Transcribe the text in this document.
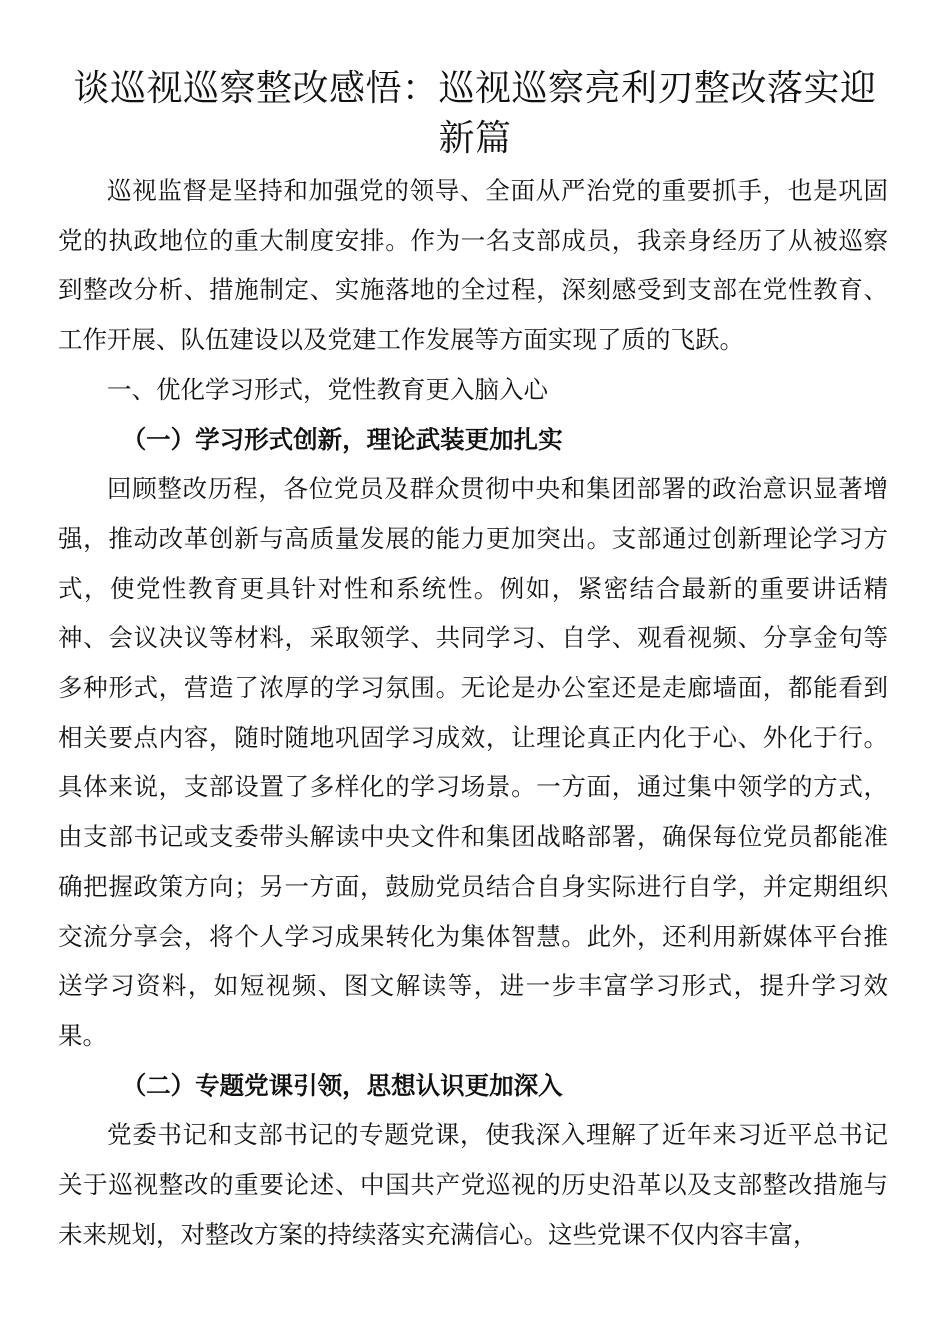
谈巡视巡察整改感悟：巡视巡察亮利刃整改落实迎新篇

巡视监督是坚持和加强党的领导、全面从严治党的重要抓手，也是巩固党的执政地位的重大制度安排。作为一名支部成员，我亲身经历了从被巡察到整改分析、措施制定、实施落地的全过程，深刻感受到支部在党性教育、工作开展、队伍建设以及党建工作发展等方面实现了质的飞跃。

一、优化学习形式，党性教育更入脑入心

（一）学习形式创新，理论武装更加扎实

回顾整改历程，各位党员及群众贯彻中央和集团部署的政治意识显著增强，推动改革创新与高质量发展的能力更加突出。支部通过创新理论学习方式，使党性教育更具针对性和系统性。例如，紧密结合最新的重要讲话精神、会议决议等材料，采取领学、共同学习、自学、观看视频、分享金句等多种形式，营造了浓厚的学习氛围。无论是办公室还是走廊墙面，都能看到相关要点内容，随时随地巩固学习成效，让理论真正内化于心、外化于行。具体来说，支部设置了多样化的学习场景。一方面，通过集中领学的方式，由支部书记或支委带头解读中央文件和集团战略部署，确保每位党员都能准确把握政策方向；另一方面，鼓励党员结合自身实际进行自学，并定期组织交流分享会，将个人学习成果转化为集体智慧。此外，还利用新媒体平台推送学习资料，如短视频、图文解读等，进一步丰富学习形式，提升学习效果。

（二）专题党课引领，思想认识更加深入

党委书记和支部书记的专题党课，使我深入理解了近年来习近平总书记关于巡视整改的重要论述、中国共产党巡视的历史沿革以及支部整改措施与未来规划，对整改方案的持续落实充满信心。这些党课不仅内容丰富，
